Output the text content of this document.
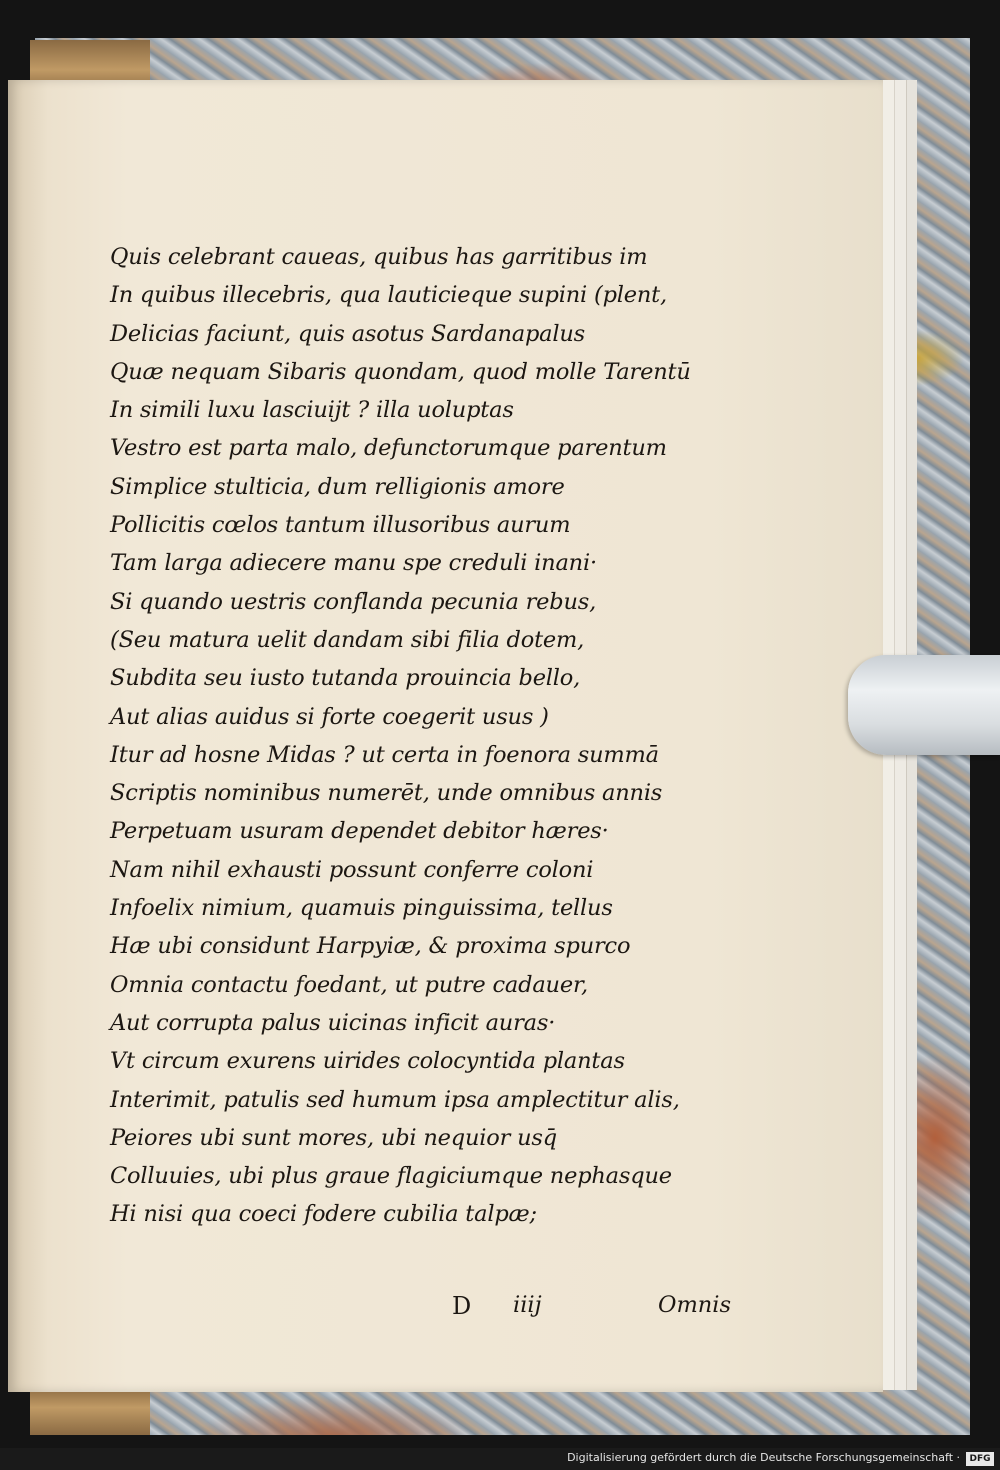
Quis celebrant caueas, quibus has garritibus im
In quibus illecebris, qua lauticieque supini (plent,
Delicias faciunt, quis asotus Sardanapalus
Quæ nequam Sibaris quondam, quod molle Tarentū
In simili luxu lasciuijt ? illa uoluptas
Vestro est parta malo, defunctorumque parentum
Simplice stulticia, dum relligionis amore
Pollicitis cœlos tantum illusoribus aurum
Tam larga adiecere manu spe creduli inani·
Si quando uestris conflanda pecunia rebus,
(Seu matura uelit dandam sibi filia dotem,
Subdita seu iusto tutanda prouincia bello,
Aut alias auidus si forte coegerit usus )
Itur ad hosne Midas ? ut certa in foenora summā
Scriptis nominibus numerēt, unde omnibus annis
Perpetuam usuram dependet debitor hæres·
Nam nihil exhausti possunt conferre coloni
Infoelix nimium, quamuis pinguissima, tellus
Hæ ubi considunt Harpyiæ, & proxima spurco
Omnia contactu foedant, ut putre cadauer,
Aut corrupta palus uicinas inficit auras·
Vt circum exurens uirides colocyntida plantas
Interimit, patulis sed humum ipsa amplectitur alis,
Peiores ubi sunt mores, ubi nequior usq̄
Colluuies, ubi plus graue flagiciumque nephasque
Hi nisi qua coeci fodere cubilia talpæ;
D iiij	Omnis
Digitalisierung gefördert durch die Deutsche Forschungsgemeinschaft ·	DFG
